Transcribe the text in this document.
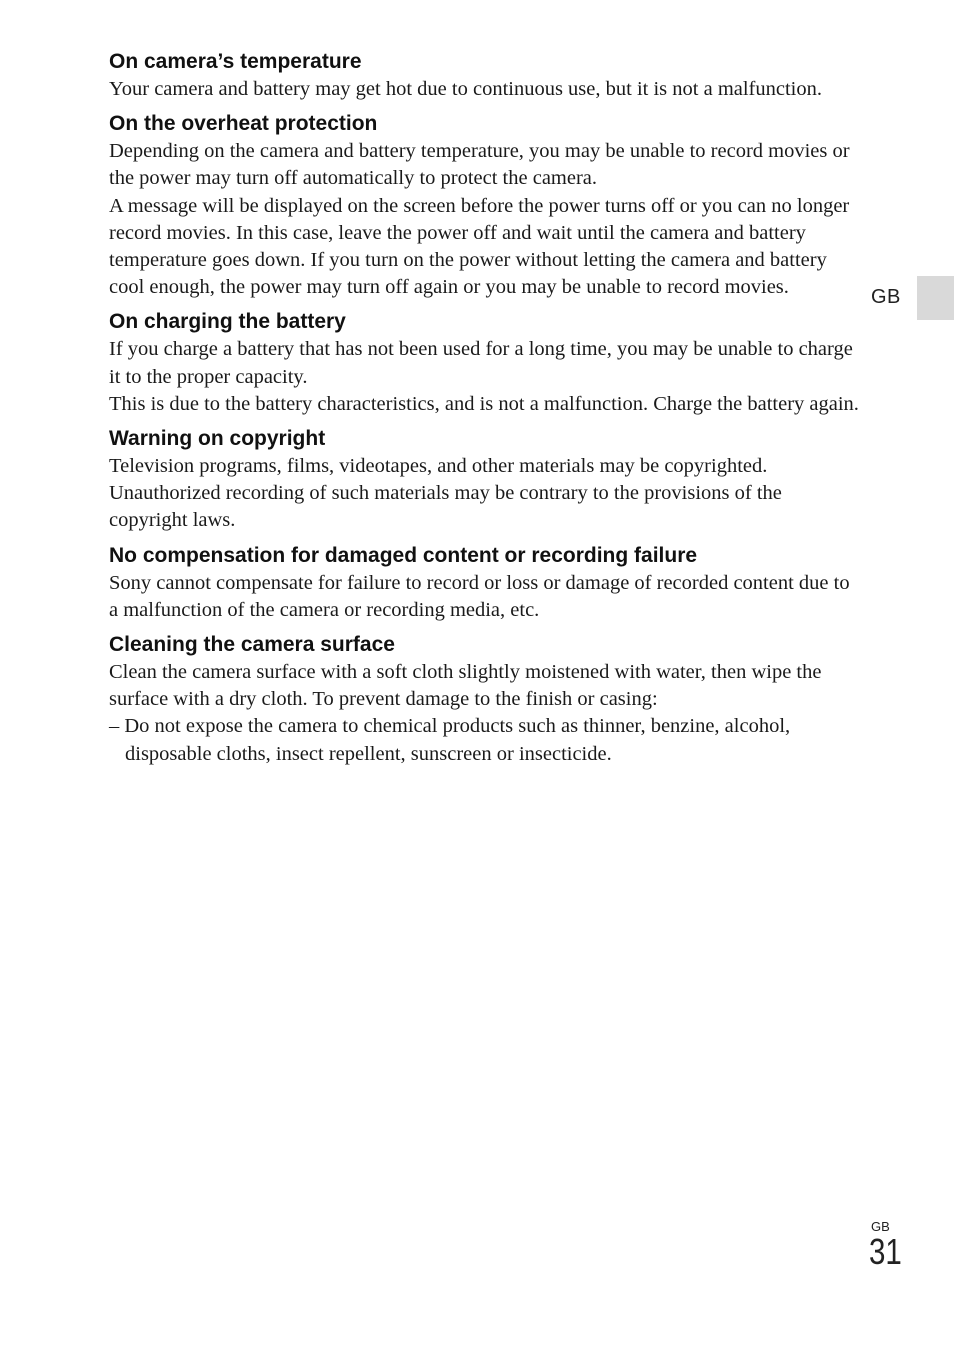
On camera’s temperature

Your camera and battery may get hot due to continuous use, but it is not a malfunction.

On the overheat protection

Depending on the camera and battery temperature, you may be unable to record movies or the power may turn off automatically to protect the camera.

A message will be displayed on the screen before the power turns off or you can no longer record movies. In this case, leave the power off and wait until the camera and battery temperature goes down. If you turn on the power without letting the camera and battery cool enough, the power may turn off again or you may be unable to record movies.

On charging the battery

If you charge a battery that has not been used for a long time, you may be unable to charge it to the proper capacity.

This is due to the battery characteristics, and is not a malfunction. Charge the battery again.

Warning on copyright

Television programs, films, videotapes, and other materials may be copyrighted. Unauthorized recording of such materials may be contrary to the provisions of the copyright laws.

No compensation for damaged content or recording failure

Sony cannot compensate for failure to record or loss or damage of recorded content due to a malfunction of the camera or recording media, etc.

Cleaning the camera surface

Clean the camera surface with a soft cloth slightly moistened with water, then wipe the surface with a dry cloth. To prevent damage to the finish or casing:

– Do not expose the camera to chemical products such as thinner, benzine, alcohol, disposable cloths, insect repellent, sunscreen or insecticide.

GB
GB
31
